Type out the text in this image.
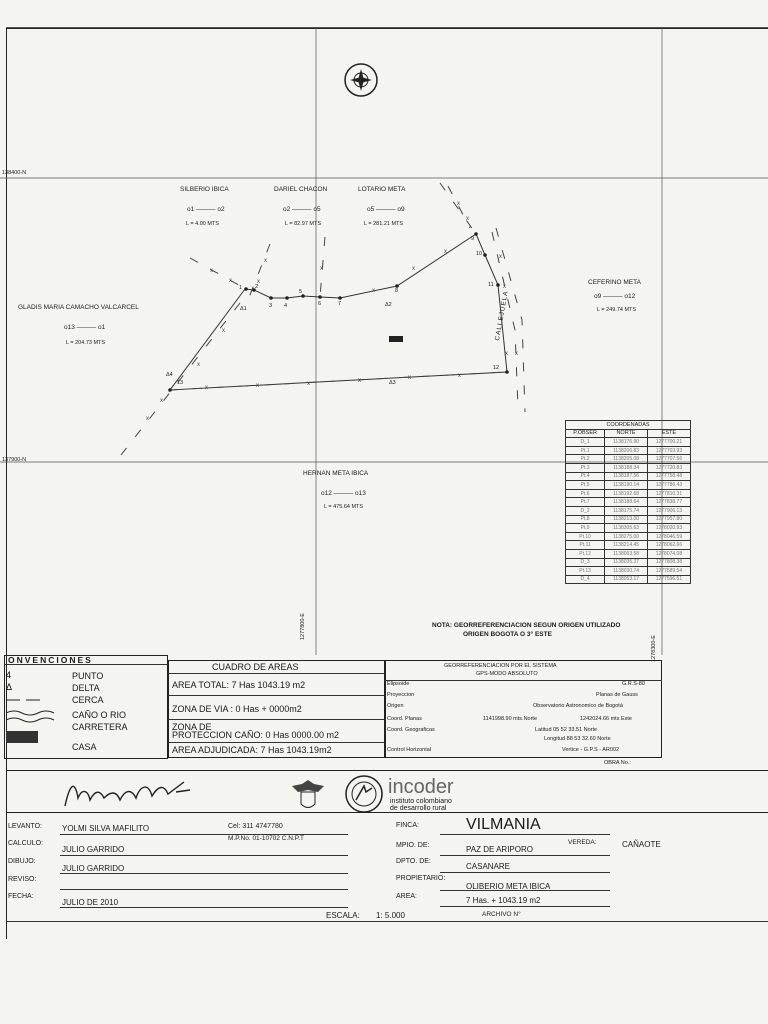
x
x
x
x
x
x
x
x
x
x
x
x
x x
x
x
x
x
x	x	x	x	x	x
138400-N
137900-N
1277800-E
1278300-E
SILBERIO IBICA
o1 ——— o2
L = 4.00 MTS
DARIEL CHACON
o2 ——— o5
L = 82.97 MTS
LOTARIO META
o5 ——— o9
L = 281.21 MTS
CEFERINO META
o9 ——— o12
L = 249.74 MTS
GLADIS MARIA CAMACHO VALCARCEL
o13 ——— o1
L = 204.73 MTS
HERNAN META IBICA
o12 ——— o13
L = 475.64 MTS
CALLEJUELA
1 2
3 4
5
6	7
8
9
10
11
12
13
Δ1
Δ2
Δ3
Δ4
COORDENADAS		
P.OBSER	NORTE	ESTE
D_1	1138176.90	1277700.21
Pt.1	1138206.83	1277703.93
Pt.2	1138205.08	1277707.56
Pt.3	1138188.34	1277720.83
Pt.4	1138187.56	1277758.48
Pt.5	1138190.14	1277786.43
Pt.6	1138192.68	1277810.31
Pt.7	1138188.64	1277838.77
D_2	1138175.74	1277906.13
Pt.8	1138213.00	1277957.80
Pt.9	1138305.63	1278020.93
Pt.10	1138275.00	1278046.59
Pt.11	1138214.45	1278062.66
Pt.12	1138063.58	1278074.08
D_3	1138035.37	1277808.38
Pt.13	1138030.74	1277589.54
D_4	1138053.17	1277596.51
NOTA: GEORREFERENCIACION SEGUN ORIGEN UTILIZADO
ORIGEN BOGOTA O 3° ESTE
ONVENCIONES
PUNTO
DELTA
CERCA
CAÑO O RIO
CARRETERA
CASA
4
Δ
CUADRO DE AREAS
AREA TOTAL: 7 Has 1043.19 m2
ZONA DE VIA : 0 Has + 0000m2
ZONA DE
PROTECCION CAÑO: 0 Has 0000.00 m2
AREA ADJUDICADA: 7 Has 1043.19m2
GEORREFERENCIACION POR EL SISTEMA
GPS-MODO ABSOLUTO
Elipsoide	G.R.S-80
Proyeccion	Planas de Gauss
Origen	Observatorio Astronomico de Bogotá
Coord. Planas	1141998.90 mts.Norte	1242024.66 mts Este
Coord. Geograficas	Latitud 05 52 33.51 Norte
Longitud 88 53 32.60 Norte
Control Horizontal	Vertice - G.P.S - AR002
OBRA No.:
incoder
instituto colombiano
de desarrollo rural
LEVANTO:	YOLMI SILVA MAFILITO	Cel: 311 4747780
M.P.No. 01-10702 C.N.P.T
CALCULO:
JULIO GARRIDO
DIBUJO:
JULIO GARRIDO
REVISO:
FECHA:
JULIO DE 2010
ESCALA: 1: 5.000	ARCHIVO N°
FINCA:	VILMANIA
MPIO. DE:	PAZ DE ARIPORO
VEREDA:	CAÑAOTE
DPTO. DE:
CASANARE
PROPIETARIO:
OLIBERIO META IBICA
AREA:	7 Has. + 1043.19 m2
